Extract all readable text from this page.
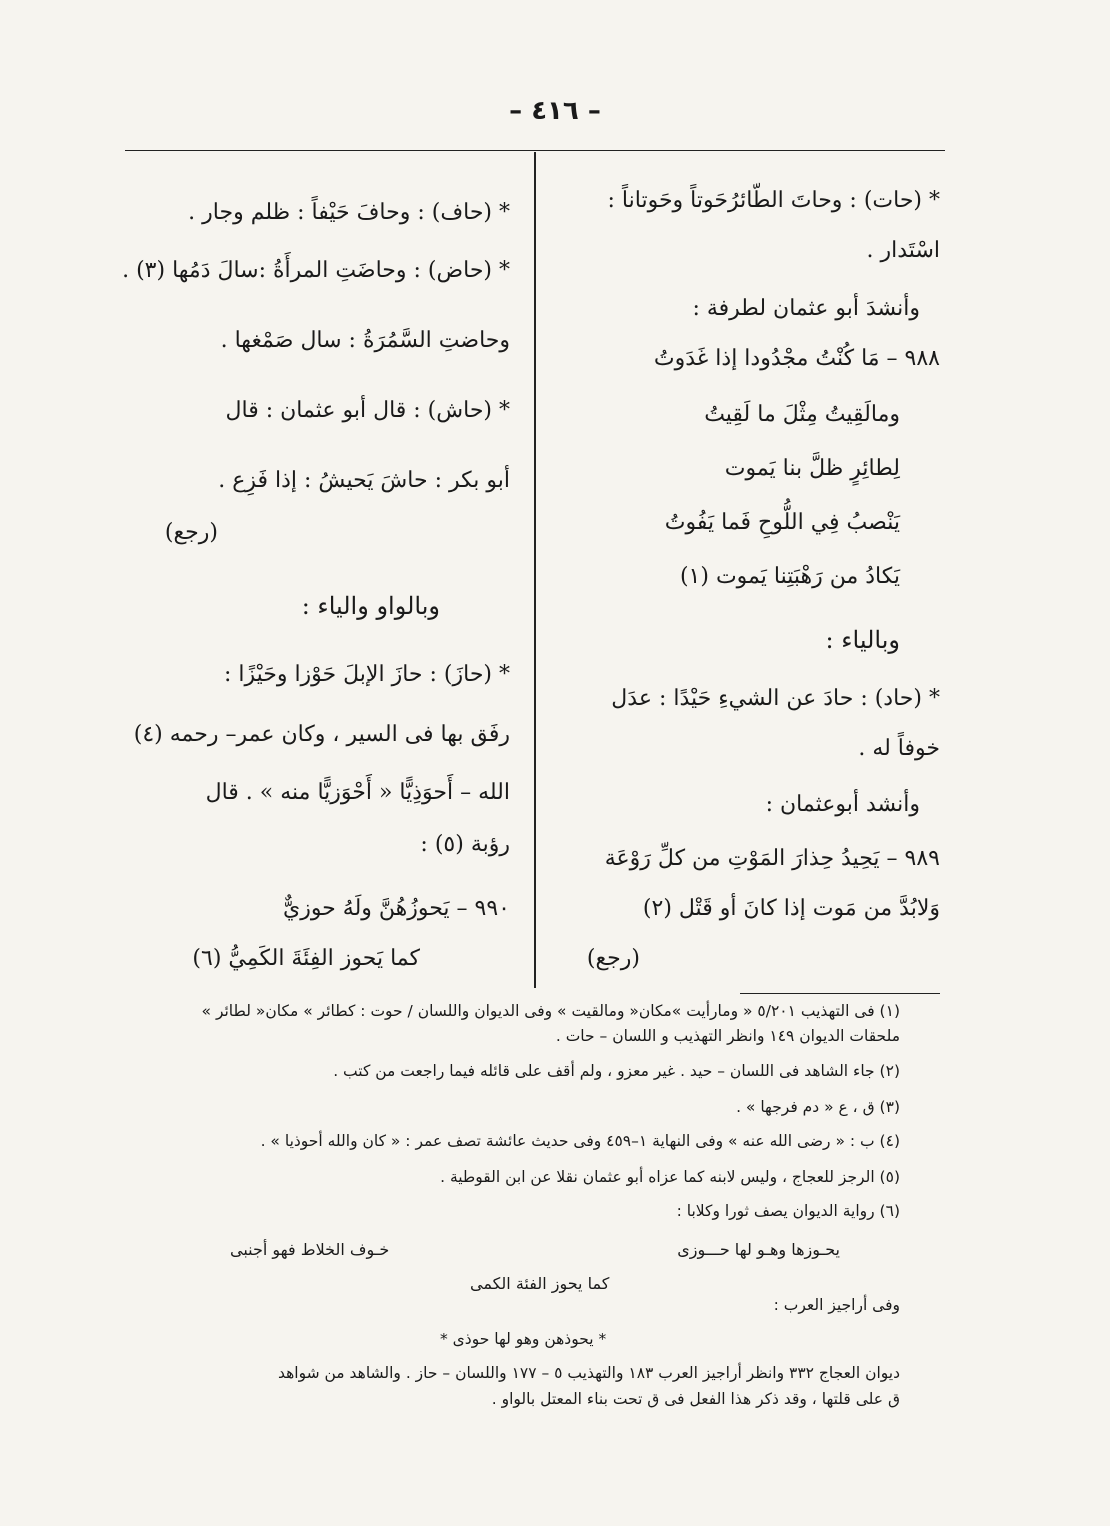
– ٤١٦ –
* (حات) : وحاتَ الطّائرُحَوتاً وحَوتاناً :
اسْتَدار .
وأنشدَ أبو عثمان لطرفة :
٩٨٨ – مَا كُنْتُ مجْدُودا إذا غَدَوتُ
ومالَقِيتُ مِثْلَ ما لَقِيتُ
لِطائِرٍ ظلَّ بنا يَموت
يَنْصبُ فِي اللُّوحِ فَما يَفُوتُ
يَكادُ من رَهْبَتِنا يَموت (١)
وبالياء :
* (حاد) : حادَ عن الشيءِ حَيْدًا : عدَل
خوفاً له .
وأنشد أبوعثمان :
٩٨٩ – يَحِيدُ حِذارَ المَوْتِ من كلِّ رَوْعَة
وَلابُدَّ من مَوت إذا كانَ أو قَتْل (٢)
(رجع)
* (حاف) : وحافَ حَيْفاً : ظلم وجار .
* (حاض) : وحاضَتِ المرأَةُ :سالَ دَمُها (٣) .
وحاضتِ السَّمُرَةُ : سال صَمْغها .
* (حاش) : قال أبو عثمان : قال
أبو بكر : حاشَ يَحيشُ : إذا فَزِع .
(رجع)
وبالواو والياء :
* (حازَ) : حازَ الإبلَ حَوْزا وحَيْزًا :
رفَق بها فى السير ، وكان عمر– رحمه (٤)
الله – أَحوَذِيًّا « أَحْوَزيًّا منه » . قال
رؤبة (٥) :
٩٩٠ – يَحوزُهُنَّ ولَهُ حوزيٌّ
كما يَحوز الفِئَةَ الكَمِيُّ (٦)
(١) فى التهذيب ٥/٢٠١ « ومارأيت »مكان« ومالقيت » وفى الديوان واللسان / حوت : كطائر » مكان« لطائر »
ملحقات الديوان ١٤٩ وانظر التهذيب و اللسان – حات .
(٢) جاء الشاهد فى اللسان – حيد . غير معزو ، ولم أقف على قائله فيما راجعت من كتب .
(٣) ق ، ع « دم فرجها » .
(٤) ب : « رضى الله عنه » وفى النهاية ١–٤٥٩ وفى حديث عائشة تصف عمر : « كان والله أحوذيا » .
(٥) الرجز للعجاج ، وليس لابنه كما عزاه أبو عثمان نقلا عن ابن القوطية .
(٦) رواية الديوان يصف ثورا وكلابا :
يحـوزها وهـو لها حـــوزى
خـوف الخلاط فهو أجنبى
كما يحوز الفئة الكمى
وفى أراجيز العرب :
* يحوذهن وهو لها حوذى *
ديوان العجاج ٣٣٢ وانظر أراجيز العرب ١٨٣ والتهذيب ٥ – ١٧٧ واللسان – حاز . والشاهد من شواهد
ق على قلتها ، وقد ذكر هذا الفعل فى ق تحت بناء المعتل بالواو .
